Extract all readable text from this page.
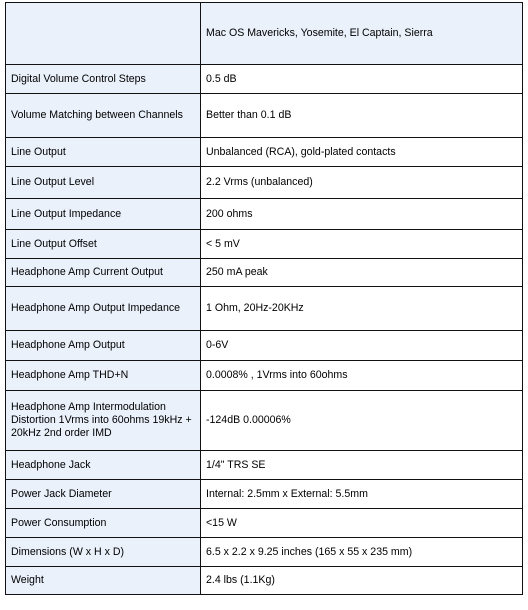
	Mac OS Mavericks, Yosemite, El Captain, Sierra
Digital Volume Control Steps	0.5 dB
Volume Matching between Channels	Better than 0.1 dB
Line Output	Unbalanced (RCA), gold-plated contacts
Line Output Level	2.2 Vrms (unbalanced)
Line Output Impedance	200 ohms
Line Output Offset	< 5 mV
Headphone Amp Current Output	250 mA peak
Headphone Amp Output Impedance	1 Ohm, 20Hz-20KHz
Headphone Amp Output	0-6V
Headphone Amp THD+N	0.0008% , 1Vrms into 60ohms
Headphone Amp Intermodulation Distortion 1Vrms into 60ohms 19kHz + 20kHz 2nd order IMD	-124dB 0.00006%
Headphone Jack	1/4" TRS SE
Power Jack Diameter	Internal: 2.5mm x External: 5.5mm
Power Consumption	<15 W
Dimensions (W x H x D)	6.5 x 2.2 x 9.25 inches (165 x 55 x 235 mm)
Weight	2.4 lbs (1.1Kg)
